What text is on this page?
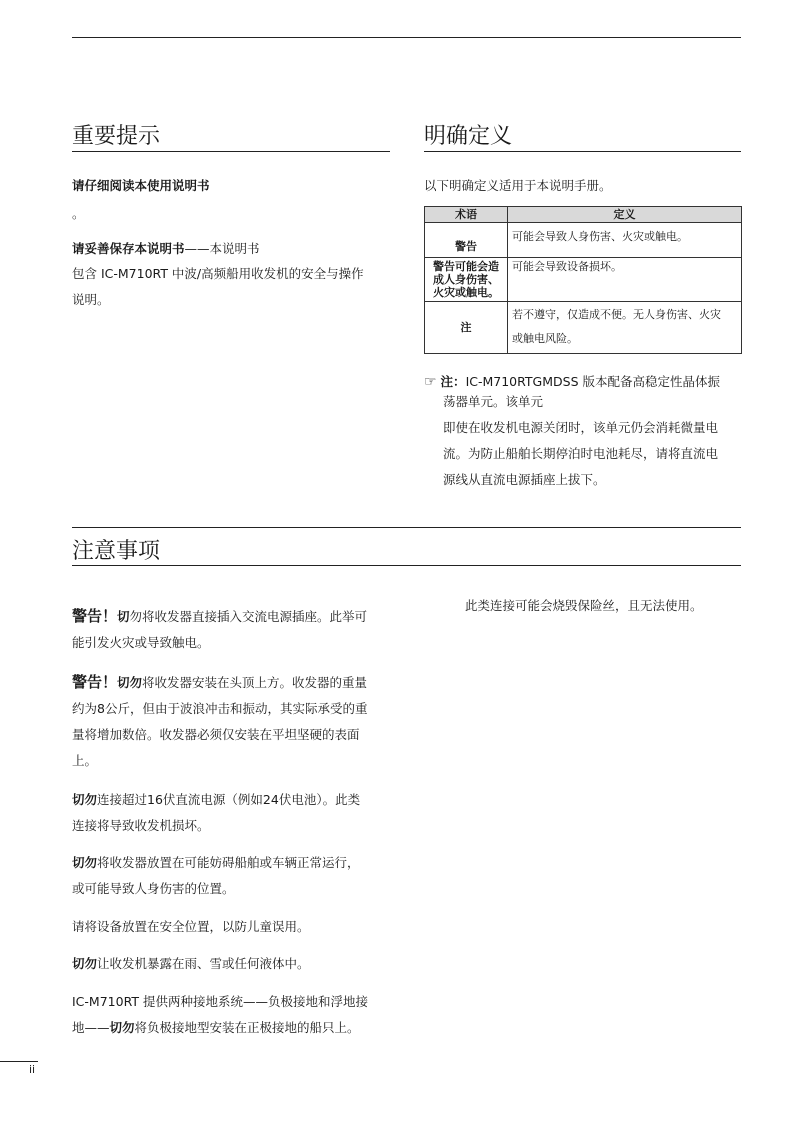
重要提示
请仔细阅读本使用说明书
。
请妥善保存本说明书——本说明书
包含 IC-M710RT 中波/高频船用收发机的安全与操作
说明。
明确定义
以下明确定义适用于本说明手册。
术语	定义
警告	可能会导致人身伤害、火灾或触电。

警告可能会造
成人身伤害、
火灾或触电。	可能会导致设备损坏。
注	若不遵守，仅造成不便。无人身伤害、火灾
或触电风险。
☞ 注：IC-M710RTGMDSS 版本配备高稳定性晶体振
荡器单元。该单元
即使在收发机电源关闭时，该单元仍会消耗微量电
流。为防止船舶长期停泊时电池耗尽，请将直流电
源线从直流电源插座上拔下。
注意事项
警告！切勿将收发器直接插入交流电源插座。此举可
能引发火灾或导致触电。
警告！切勿将收发器安装在头顶上方。收发器的重量
约为8公斤，但由于波浪冲击和振动，其实际承受的重
量将增加数倍。收发器必须仅安装在平坦坚硬的表面
上。
切勿连接超过16伏直流电源（例如24伏电池）。此类
连接将导致收发机损坏。
切勿将收发器放置在可能妨碍船舶或车辆正常运行，
或可能导致人身伤害的位置。
请将设备放置在安全位置，以防儿童误用。
切勿让收发机暴露在雨、雪或任何液体中。
IC-M710RT 提供两种接地系统——负极接地和浮地接
地——切勿将负极接地型安装在正极接地的船只上。
此类连接可能会烧毁保险丝，且无法使用。
ii
